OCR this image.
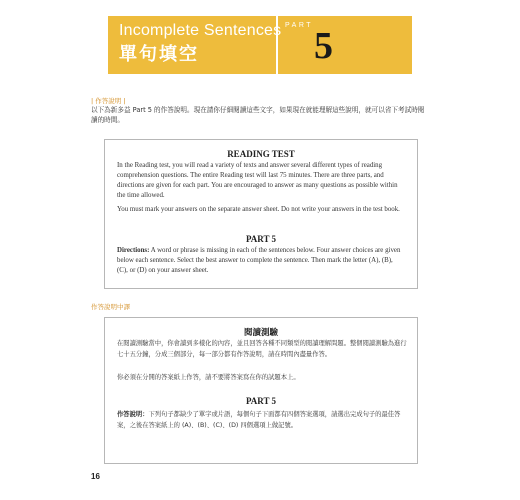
Incomplete Sentences
單句填空
PART 5
| 作答說明 |
以下為新多益 Part 5 的作答說明。現在請你仔細閱讀這些文字，如果現在就能理解這些說明，就可以省下考試時閱讀的時間。
READING TEST
In the Reading test, you will read a variety of texts and answer several different types of reading comprehension questions. The entire Reading test will last 75 minutes. There are three parts, and directions are given for each part. You are encouraged to answer as many questions as possible within the time allowed.
You must mark your answers on the separate answer sheet. Do not write your answers in the test book.
PART 5
Directions: A word or phrase is missing in each of the sentences below. Four answer choices are given below each sentence. Select the best answer to complete the sentence. Then mark the letter (A), (B), (C), or (D) on your answer sheet.
作答說明中譯
閱讀測驗
在閱讀測驗當中，你會讀到多樣化的內容，並且回答各種不同類型的閱讀理解問題。整個閱讀測驗為進行七十五分鐘，分成三個部分，每一部分都有作答說明，請在時間內盡量作答。
你必須在分開的答案紙上作答，請不要將答案寫在你的試題本上。
PART 5
作答說明：下列句子都缺少了單字或片語，每個句子下面都有四個答案選項，請選出完成句子的最佳答案，之後在答案紙上的 (A)、(B)、(C)、(D) 四個選項上做記號。
16
